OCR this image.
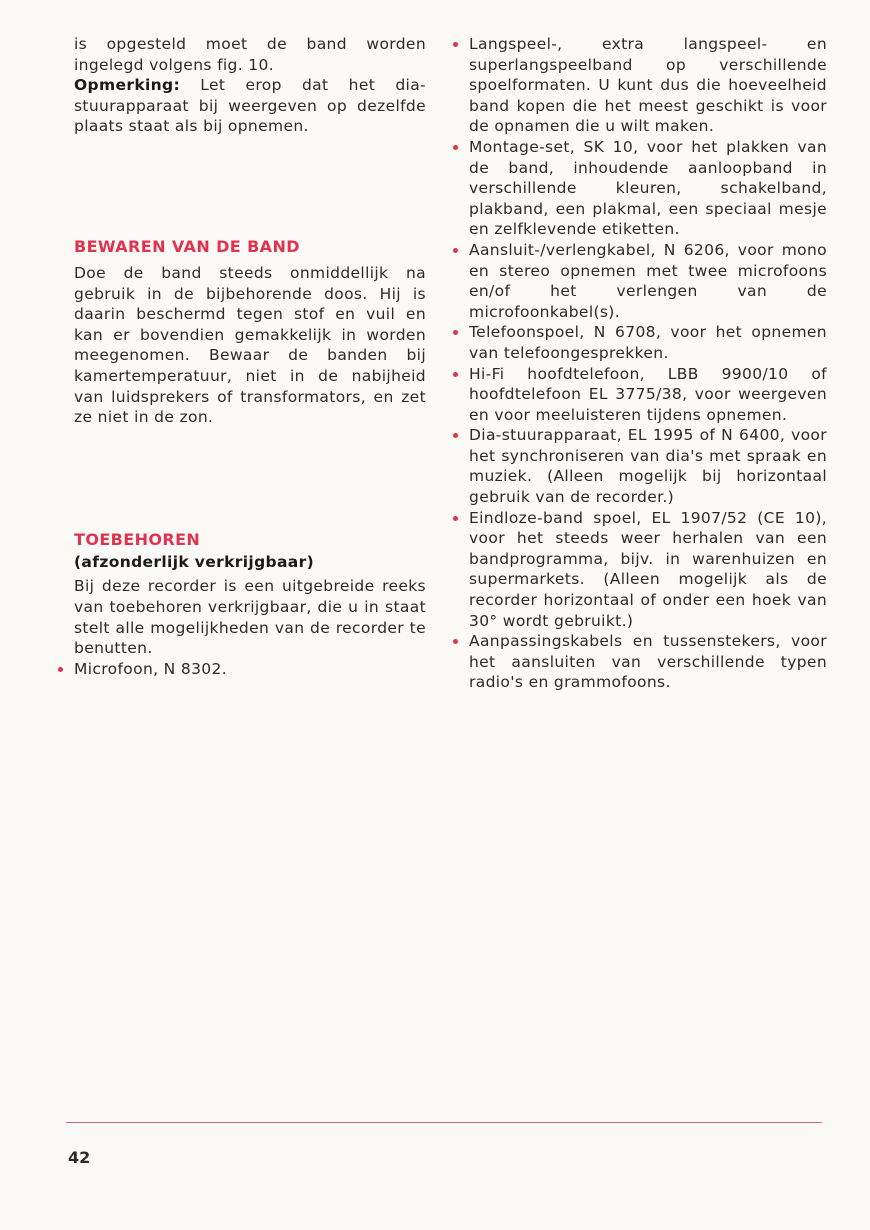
is opgesteld moet de band worden ingelegd volgens fig. 10.

Opmerking: Let erop dat het dia-stuurapparaat bij weergeven op dezelfde plaats staat als bij opnemen.

BEWAREN VAN DE BAND

Doe de band steeds onmiddellijk na gebruik in de bijbehorende doos. Hij is daarin beschermd tegen stof en vuil en kan er bovendien gemakkelijk in worden meegenomen. Bewaar de banden bij kamertemperatuur, niet in de nabijheid van luidsprekers of transformators, en zet ze niet in de zon.

TOEBEHOREN

(afzonderlijk verkrijgbaar)

Bij deze recorder is een uitgebreide reeks van toebehoren verkrijgbaar, die u in staat stelt alle mogelijkheden van de recorder te benutten.

Microfoon, N 8302.
Langspeel-, extra langspeel- en superlangspeelband op verschillende spoelformaten. U kunt dus die hoeveelheid band kopen die het meest geschikt is voor de opnamen die u wilt maken.
Montage-set, SK 10, voor het plakken van de band, inhoudende aanloopband in verschillende kleuren, schakelband, plakband, een plakmal, een speciaal mesje en zelfklevende etiketten.
Aansluit-/verlengkabel, N 6206, voor mono en stereo opnemen met twee microfoons en/of het verlengen van de microfoonkabel(s).
Telefoonspoel, N 6708, voor het opnemen van telefoongesprekken.
Hi-Fi hoofdtelefoon, LBB 9900/10 of hoofdtelefoon EL 3775/38, voor weergeven en voor meeluisteren tijdens opnemen.
Dia-stuurapparaat, EL 1995 of N 6400, voor het synchroniseren van dia's met spraak en muziek. (Alleen mogelijk bij horizontaal gebruik van de recorder.)
Eindloze-band spoel, EL 1907/52 (CE 10), voor het steeds weer herhalen van een bandprogramma, bijv. in warenhuizen en supermarkets. (Alleen mogelijk als de recorder horizontaal of onder een hoek van 30° wordt gebruikt.)
Aanpassingskabels en tussenstekers, voor het aansluiten van verschillende typen radio's en grammofoons.
42
